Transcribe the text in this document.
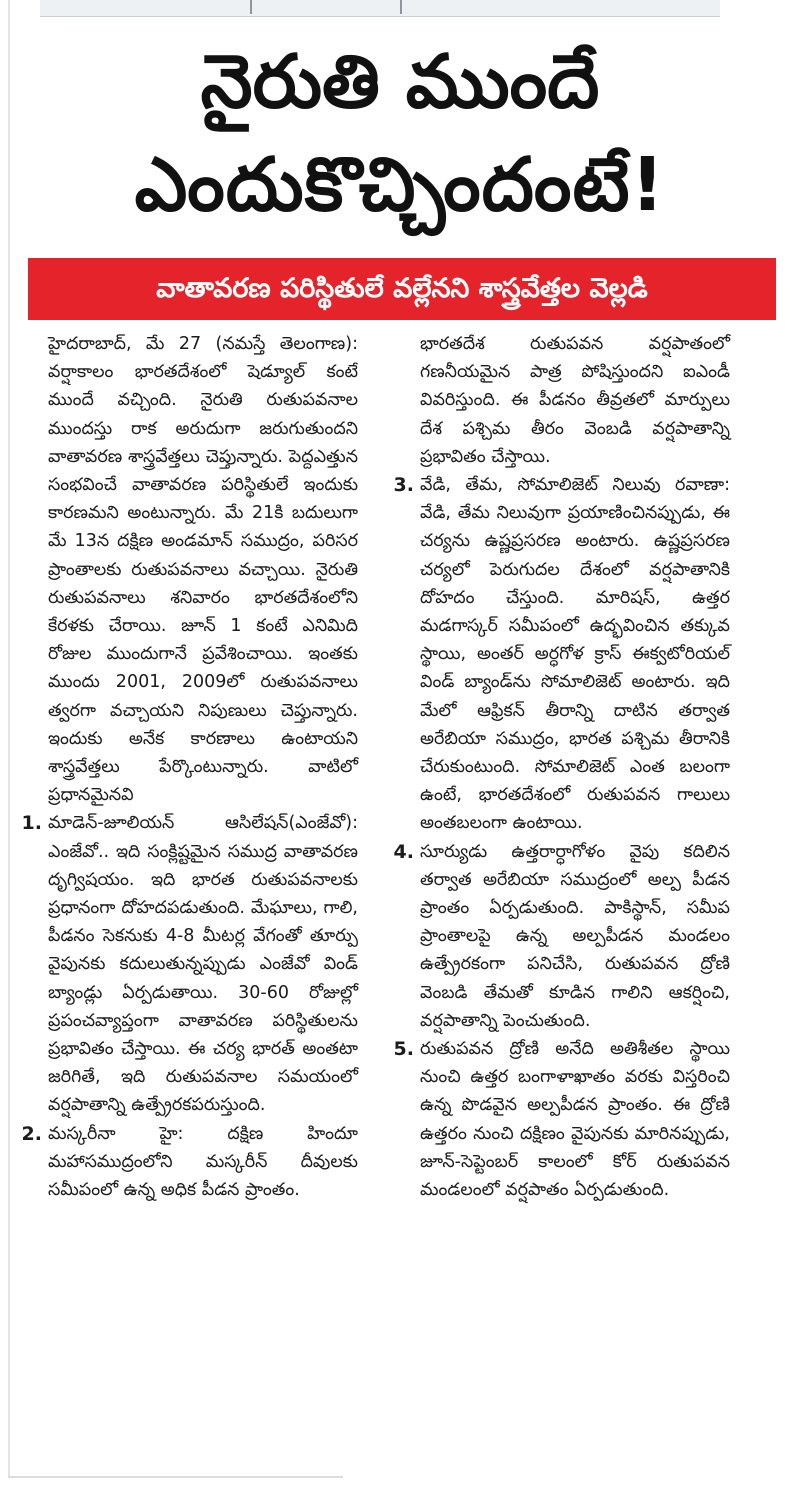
నైరుతి ముందే
ఎందుకొచ్చిందంటే!
వాతావరణ పరిస్థితులే వల్లేనని శాస్త్రవేత్తల వెల్లడి

హైదరాబాద్, మే 27 (నమస్తే తెలంగాణ): వర్షాకాలం భారతదేశంలో షెడ్యూల్ కంటే ముందే వచ్చింది. నైరుతి రుతుపవనాల ముందస్తు రాక అరుదుగా జరుగుతుందని వాతావరణ శాస్త్రవేత్తలు చెప్తున్నారు. పెద్దఎత్తున సంభవించే వాతావరణ పరిస్థితులే ఇందుకు కారణమని అంటున్నారు. మే 21కి బదులుగా మే 13న దక్షిణ అండమాన్ సముద్రం, పరిసర ప్రాంతాలకు రుతుపవనాలు వచ్చాయి. నైరుతి రుతుపవనాలు శనివారం భారతదేశంలోని కేరళకు చేరాయి. జూన్ 1 కంటే ఎనిమిది రోజుల ముందుగానే ప్రవేశించాయి. ఇంతకు ముందు 2001, 2009లో రుతుపవనాలు త్వరగా వచ్చాయని నిపుణులు చెప్తున్నారు. ఇందుకు అనేక కారణాలు ఉంటాయని శాస్త్రవేత్తలు పేర్కొంటున్నారు. వాటిలో ప్రధానమైనవి

1. మాడెన్-జూలియన్ ఆసిలేషన్(ఎంజేవో): ఎంజేవో.. ఇది సంక్లిష్టమైన సముద్ర వాతావరణ దృగ్విషయం. ఇది భారత రుతుపవనాలకు ప్రధానంగా దోహదపడుతుంది. మేఘాలు, గాలి, పీడనం సెకనుకు 4-8 మీటర్ల వేగంతో తూర్పు వైపునకు కదులుతున్నప్పుడు ఎంజేవో విండ్ బ్యాండ్లు ఏర్పడుతాయి. 30-60 రోజుల్లో ప్రపంచవ్యాప్తంగా వాతావరణ పరిస్థితులను ప్రభావితం చేస్తాయి. ఈ చర్య భారత్ అంతటా జరిగితే, ఇది రుతుపవనాల సమయంలో వర్షపాతాన్ని ఉత్ప్రేరకపరుస్తుంది.

2. మస్కరీనా హై: దక్షిణ హిందూ మహాసముద్రంలోని మస్కరీన్ దీవులకు సమీపంలో ఉన్న అధిక పీడన ప్రాంతం.

భారతదేశ రుతుపవన వర్షపాతంలో గణనీయమైన పాత్ర పోషిస్తుందని ఐఎండీ వివరిస్తుంది. ఈ పీడనం తీవ్రతలో మార్పులు దేశ పశ్చిమ తీరం వెంబడి వర్షపాతాన్ని ప్రభావితం చేస్తాయి.

3. వేడి, తేమ, సోమాలిజెట్ నిలువు రవాణా: వేడి, తేమ నిలువుగా ప్రయాణించినప్పుడు, ఈ చర్యను ఉష్ణప్రసరణ అంటారు. ఉష్ణప్రసరణ చర్యలో పెరుగుదల దేశంలో వర్షపాతానికి దోహదం చేస్తుంది. మారిషస్, ఉత్తర మడగాస్కర్ సమీపంలో ఉద్భవించిన తక్కువ స్థాయి, అంతర్ అర్ధగోళ క్రాస్ ఈక్వటోరియల్ విండ్ బ్యాండ్‌ను సోమాలిజెట్ అంటారు. ఇది మేలో ఆఫ్రికన్ తీరాన్ని దాటిన తర్వాత అరేబియా సముద్రం, భారత పశ్చిమ తీరానికి చేరుకుంటుంది. సోమాలిజెట్ ఎంత బలంగా ఉంటే, భారతదేశంలో రుతుపవన గాలులు అంతబలంగా ఉంటాయి.

4. సూర్యుడు ఉత్తరార్ధాగోళం వైపు కదిలిన తర్వాత అరేబియా సముద్రంలో అల్ప పీడన ప్రాంతం ఏర్పడుతుంది. పాకిస్థాన్, సమీప ప్రాంతాలపై ఉన్న అల్పపీడన మండలం ఉత్ప్రేరకంగా పనిచేసి, రుతుపవన ద్రోణి వెంబడి తేమతో కూడిన గాలిని ఆకర్షించి, వర్షపాతాన్ని పెంచుతుంది.

5. రుతుపవన ద్రోణి అనేది అతిశీతల స్థాయి నుంచి ఉత్తర బంగాళాఖాతం వరకు విస్తరించి ఉన్న పొడవైన అల్పపీడన ప్రాంతం. ఈ ద్రోణి ఉత్తరం నుంచి దక్షిణం వైపునకు మారినప్పుడు, జూన్-సెప్టెంబర్ కాలంలో కోర్ రుతుపవన మండలంలో వర్షపాతం ఏర్పడుతుంది.
